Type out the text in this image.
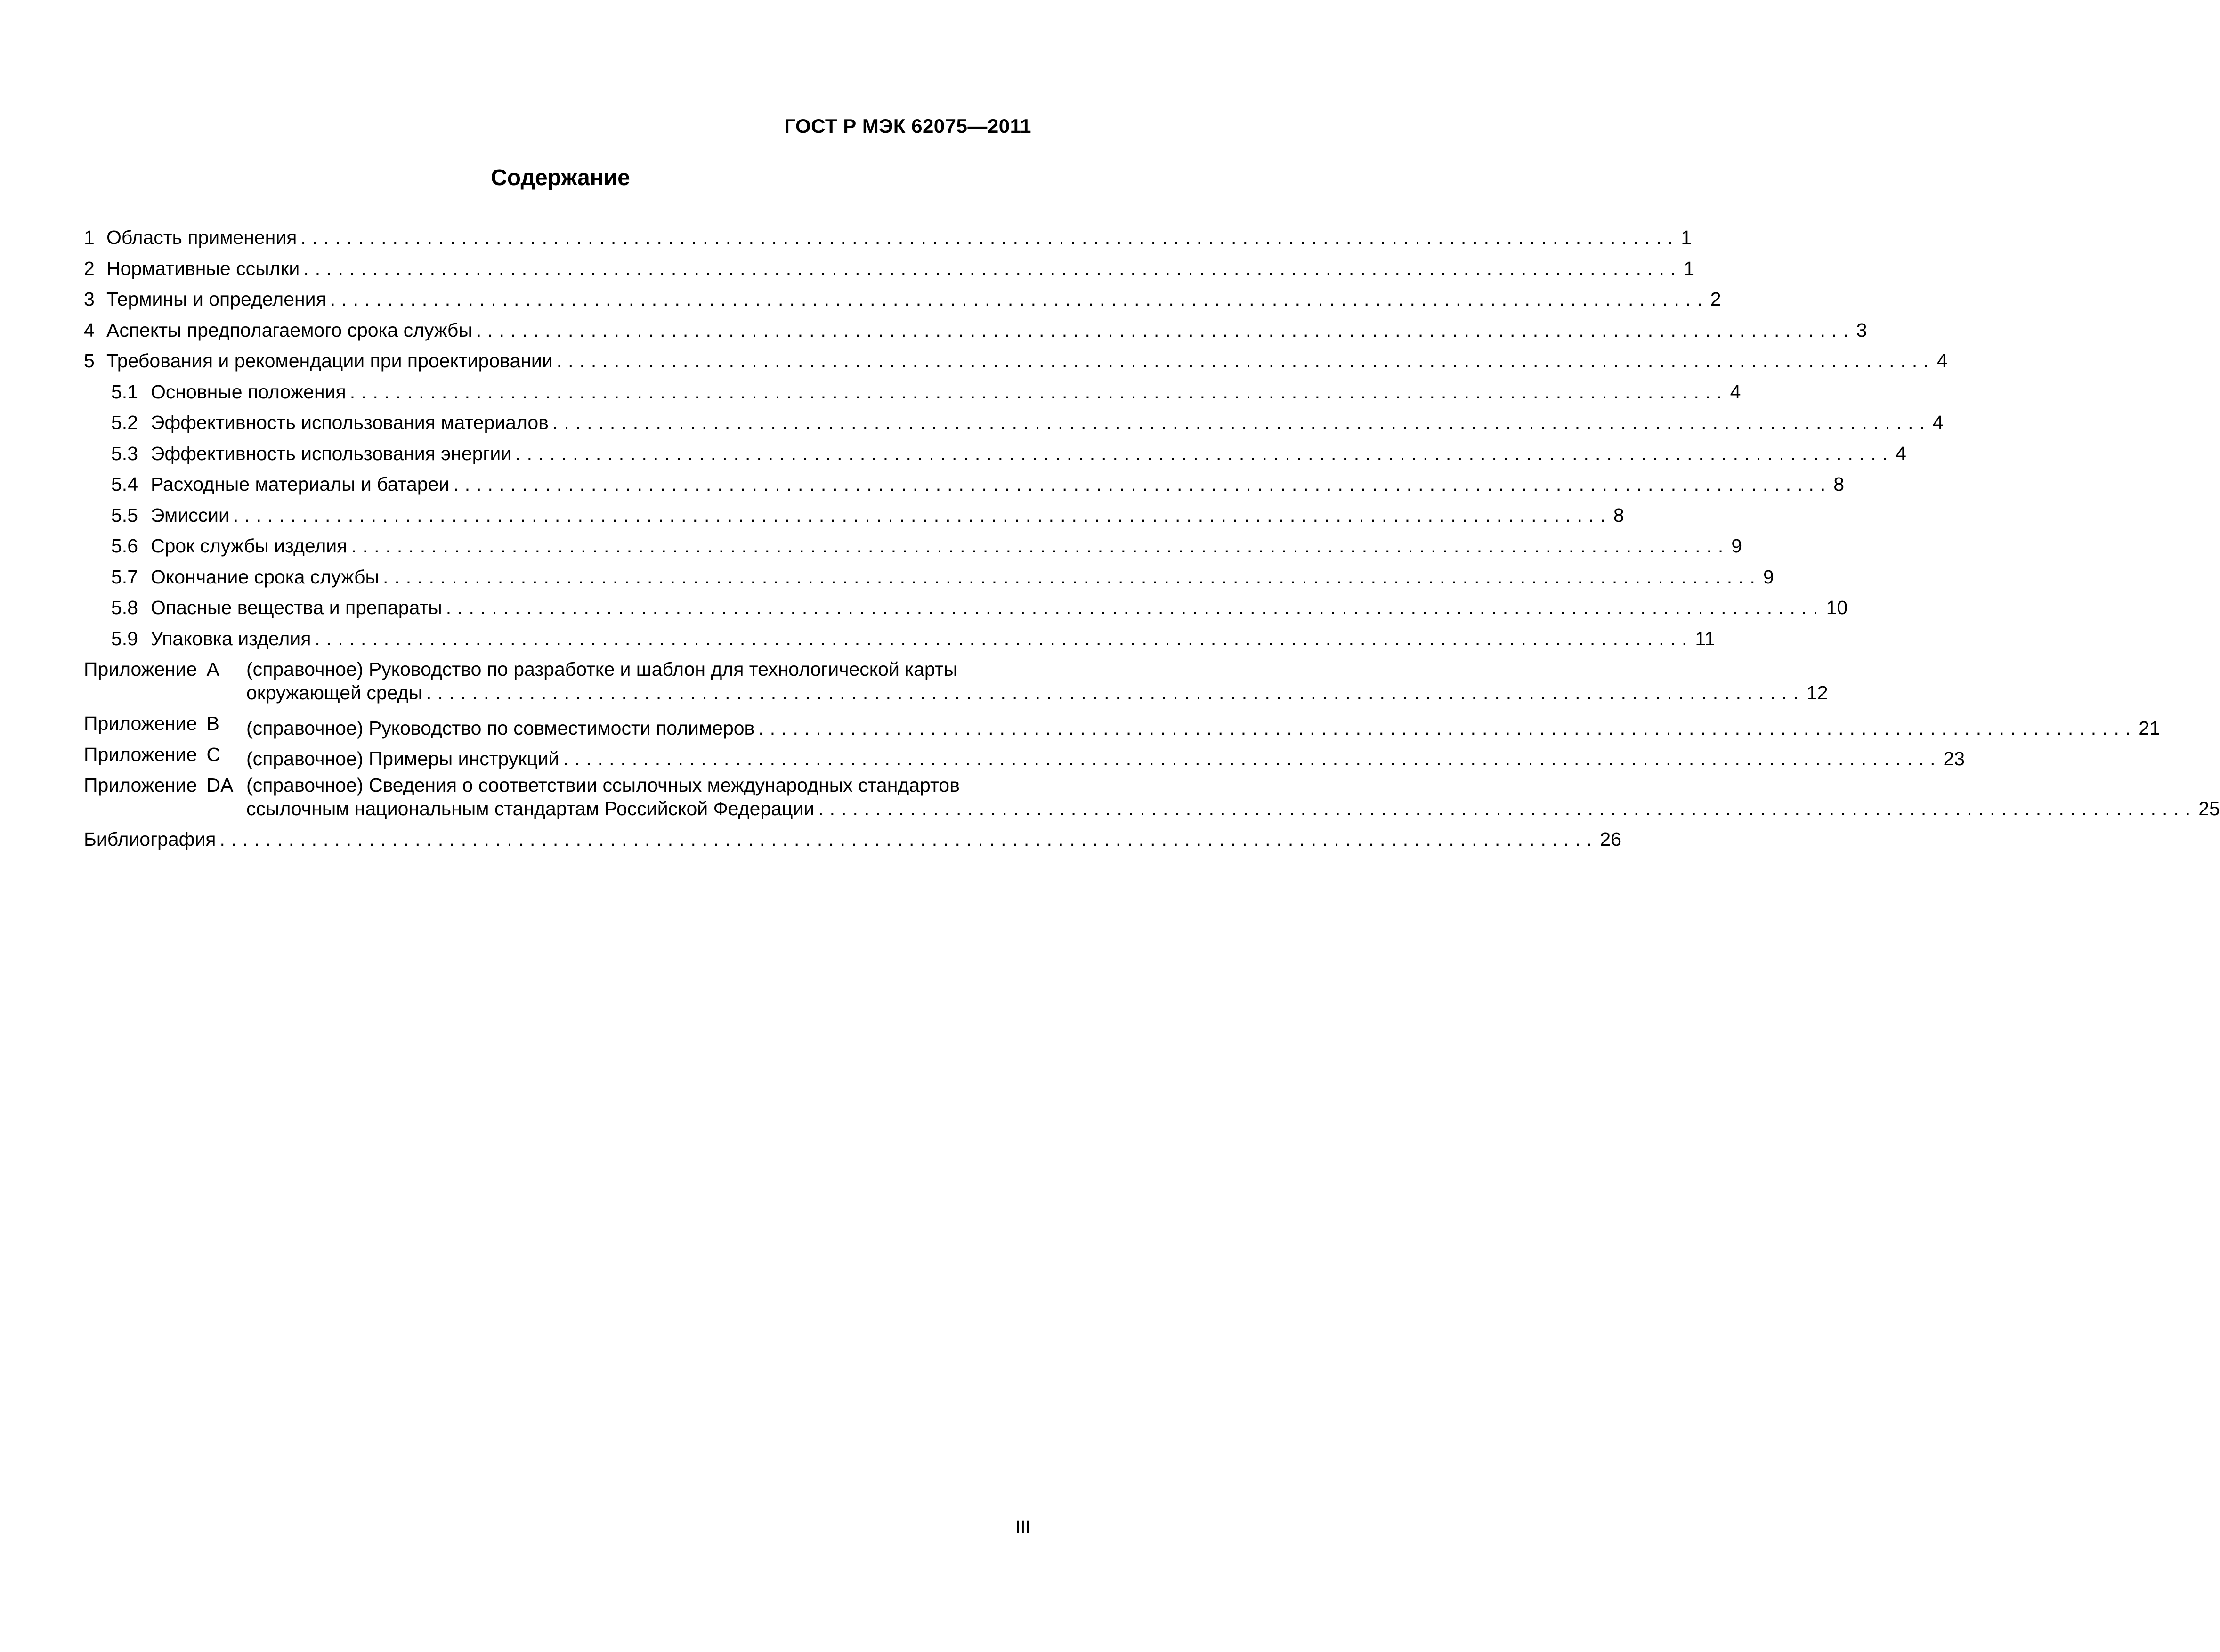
ГОСТ Р МЭК 62075—2011
Содержание
1 Область применения ........................................................................................................................ 1
2 Нормативные ссылки ........................................................................................................................ 1
3 Термины и определения ........................................................................................................................ 2
4 Аспекты предполагаемого срока службы ........................................................................................................................ 3
5 Требования и рекомендации при проектировании ........................................................................................................................ 4
5.1 Основные положения ........................................................................................................................ 4
5.2 Эффективность использования материалов ........................................................................................................................ 4
5.3 Эффективность использования энергии ........................................................................................................................ 4
5.4 Расходные материалы и батареи ........................................................................................................................ 8
5.5 Эмиссии ........................................................................................................................ 8
5.6 Срок службы изделия ........................................................................................................................ 9
5.7 Окончание срока службы ........................................................................................................................ 9
5.8 Опасные вещества и препараты ........................................................................................................................ 10
5.9 Упаковка изделия ........................................................................................................................ 11
Приложение A (справочное) Руководство по разработке и шаблон для технологической карты
окружающей среды ........................................................................................................................ 12
Приложение B (справочное) Руководство по совместимости полимеров ........................................................................................................................ 21
Приложение C (справочное) Примеры инструкций ........................................................................................................................ 23
Приложение DA (справочное) Сведения о соответствии ссылочных международных стандартов
ссылочным национальным стандартам Российской Федерации ........................................................................................................................ 25
Библиография ........................................................................................................................ 26
III
